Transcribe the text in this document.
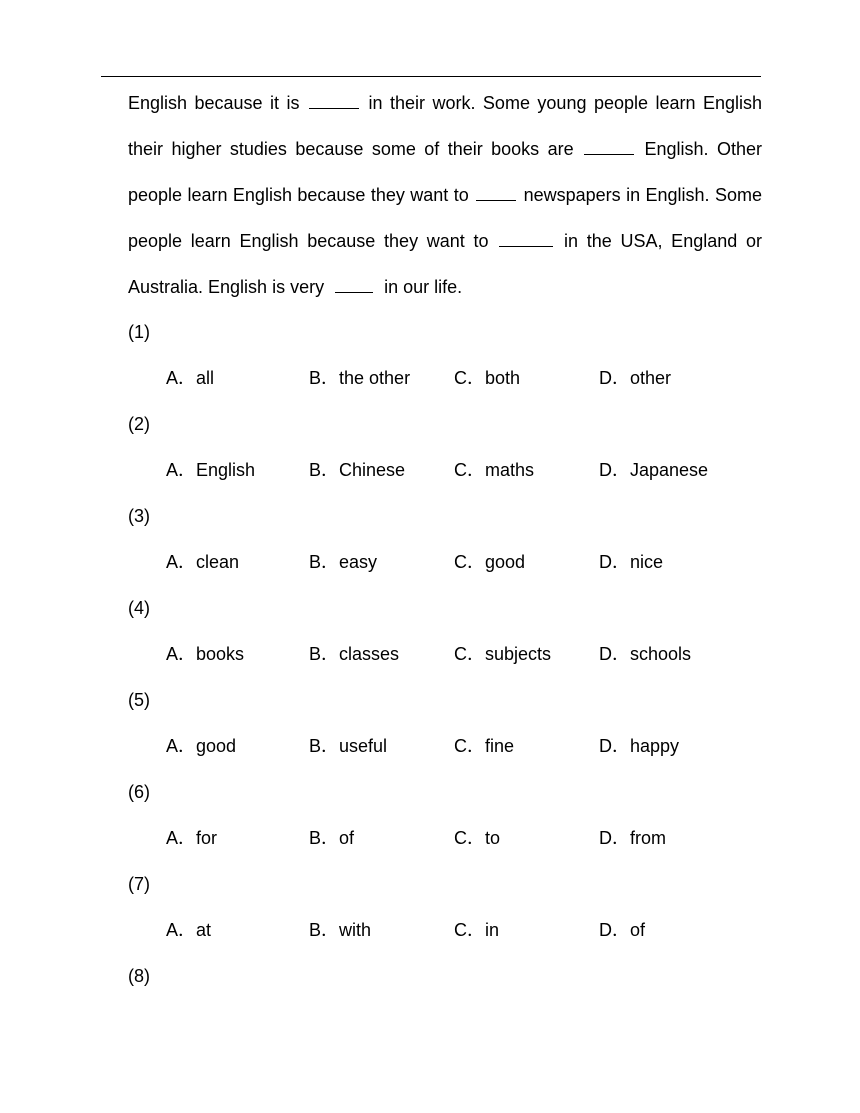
English because it is	in their work. Some young people learn English
their higher studies because some of their books are	English. Other
people learn English because they want to	newspapers in English. Some
people learn English because they want to	in the USA, England or
Australia. English is very	in our life.
(1)
A．all	B．the other C．both	D．other
(2)
A．English	B．Chinese	C．maths	D．Japanese
(3)
A．clean	B．easy	C．good	D．nice
(4)
A．books	B．classes	C．subjects	D．schools
(5)
A．good	B．useful	C．fine	D．happy
(6)
A．for	B．of	C．to	D．from
(7)
A．at	B．with	C．in	D．of
(8)
